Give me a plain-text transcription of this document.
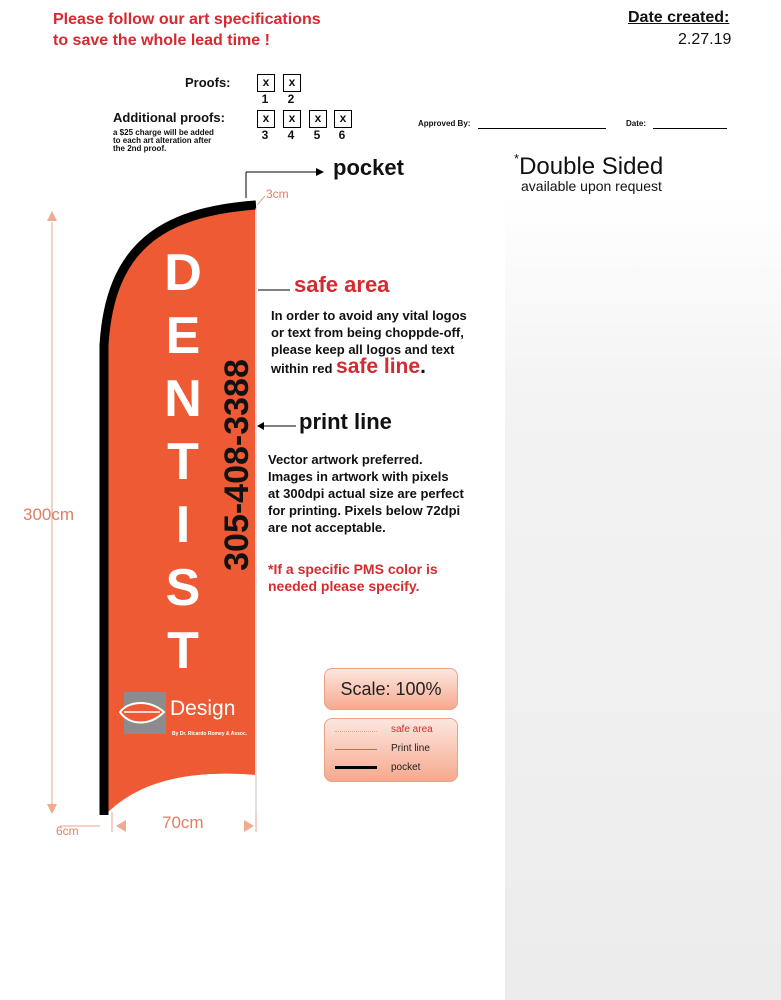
Please follow our art specifications
to save the whole lead time !
Date created:
2.27.19
Proofs:	x	x
1	2
Additional proofs:
a $25 charge will be added
to each art alteration after
the 2nd proof.
x	x	x	x
3	4	5	6
Approved By:	Date:
*Double Sided
available upon request
D
E
N
T
I
S
T
305-408-3388
Design
By Dr. Ricardo Romey & Assoc.
300cm
70cm
6cm
3cm
pocket
safe area
In order to avoid any vital logos
or text from being choppde-off,
please keep all logos and text
within red safe line.
print line
Vector artwork preferred.
Images in artwork with pixels
at 300dpi actual size are perfect
for printing. Pixels below 72dpi
are not acceptable.
*If a specific PMS color is
needed please specify.
Scale: 100%
safe area
Print line
pocket
